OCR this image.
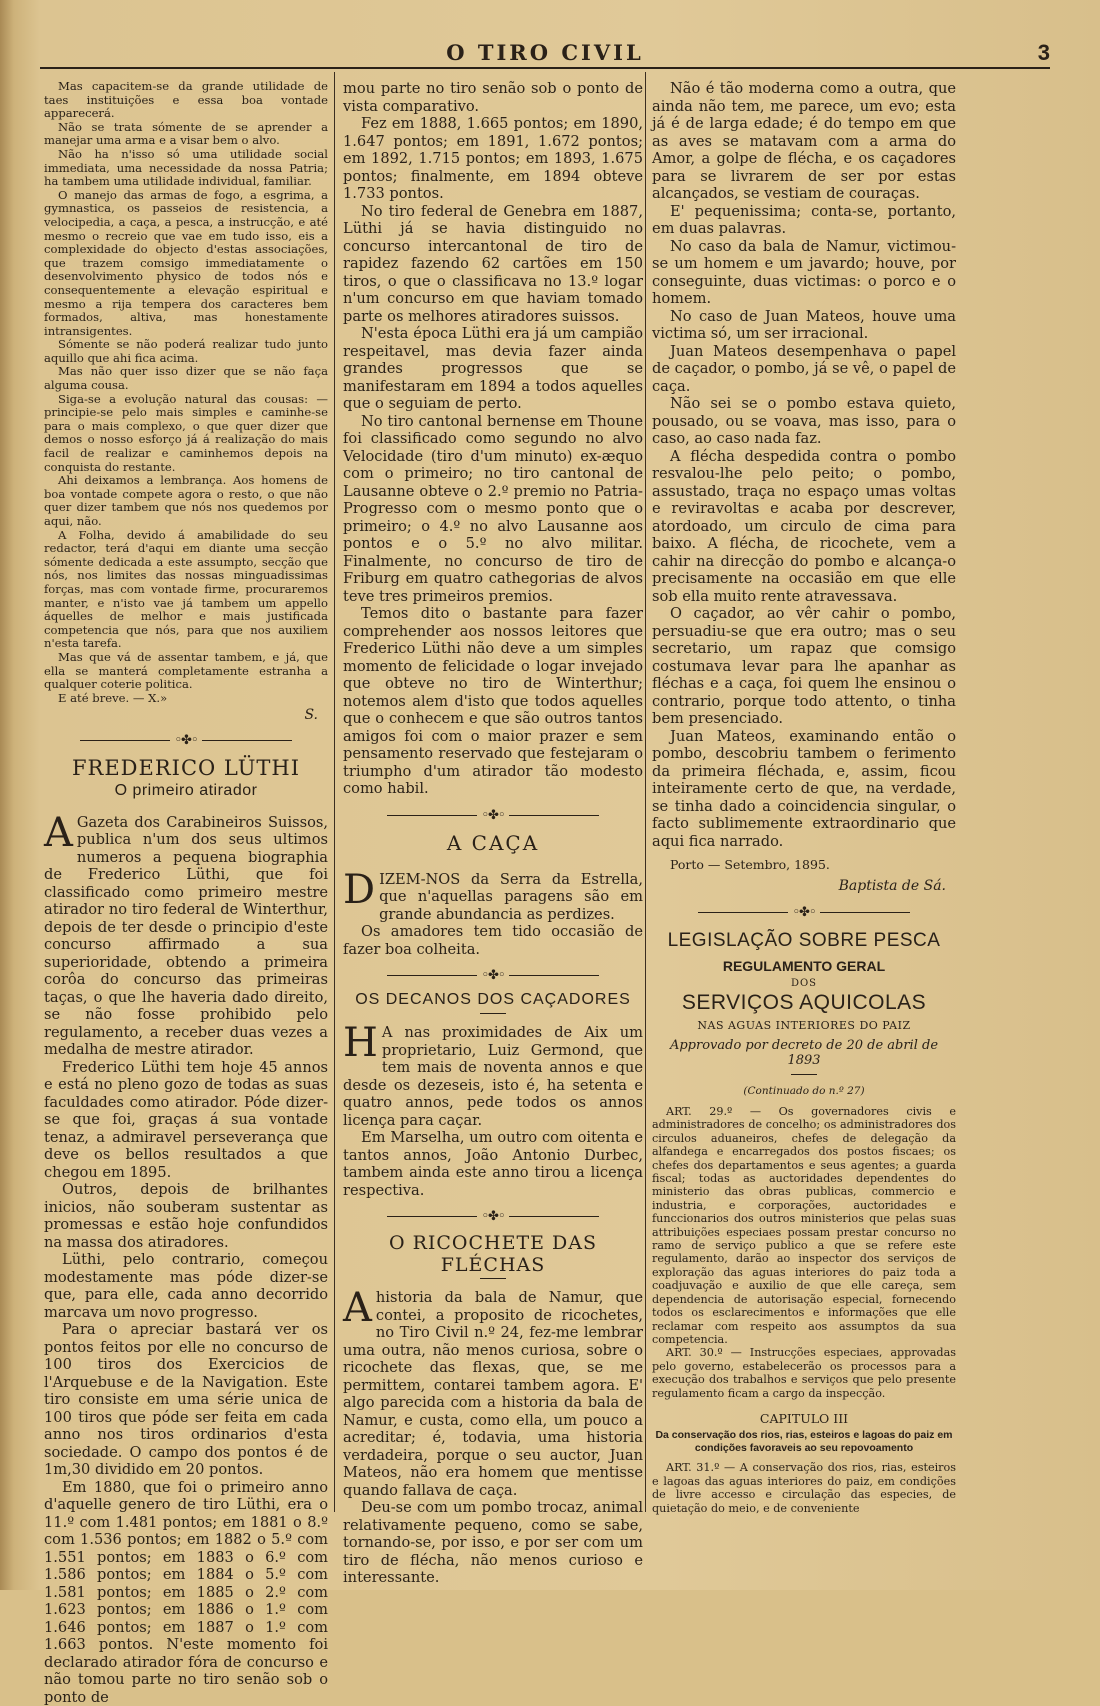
O TIRO CIVIL	3

Mas capacitem-se da grande utilidade de taes instituições e essa boa vontade apparecerá.

Não se trata sómente de se aprender a manejar uma arma e a visar bem o alvo.

Não ha n'isso só uma utilidade social immediata, uma necessidade da nossa Patria; ha tambem uma utilidade individual, familiar.

O manejo das armas de fogo, a esgrima, a gymnastica, os passeios de resistencia, a velocipedia, a caça, a pesca, a instrucção, e até mesmo o recreio que vae em tudo isso, eis a complexidade do objecto d'estas associações, que trazem comsigo immediatamente o desenvolvimento physico de todos nós e consequentemente a elevação espiritual e mesmo a rija tempera dos caracteres bem formados, altiva, mas honestamente intransigentes.

Sómente se não poderá realizar tudo junto aquillo que ahi fica acima.

Mas não quer isso dizer que se não faça alguma cousa.

Siga-se a evolução natural das cousas: — principie-se pelo mais simples e caminhe-se para o mais complexo, o que quer dizer que demos o nosso esforço já á realização do mais facil de realizar e caminhemos depois na conquista do restante.

Ahi deixamos a lembrança. Aos homens de boa vontade compete agora o resto, o que não quer dizer tambem que nós nos quedemos por aqui, não.

A Folha, devido á amabilidade do seu redactor, terá d'aqui em diante uma secção sómente dedicada a este assumpto, secção que nós, nos limites das nossas minguadissimas forças, mas com vontade firme, procuraremos manter, e n'isto vae já tambem um appello áquelles de melhor e mais justificada competencia que nós, para que nos auxiliem n'esta tarefa.

Mas que vá de assentar tambem, e já, que ella se manterá completamente estranha a qualquer coterie politica.

E até breve. — X.»

S.
◦✤◦
FREDERICO LÜTHI
O primeiro atirador

A Gazeta dos Carabineiros Suissos, publica n'um dos seus ultimos numeros a pequena biographia de Frederico Lüthi, que foi classificado como primeiro mestre atirador no tiro federal de Winterthur, depois de ter desde o principio d'este concurso affirmado a sua superioridade, obtendo a primeira corôa do concurso das primeiras taças, o que lhe haveria dado direito, se não fosse prohibido pelo regulamento, a receber duas vezes a medalha de mestre atirador.

Frederico Lüthi tem hoje 45 annos e está no pleno gozo de todas as suas faculdades como atirador. Póde dizer-se que foi, graças á sua vontade tenaz, a admiravel perseverança que deve os bellos resultados a que chegou em 1895.

Outros, depois de brilhantes inicios, não souberam sustentar as promessas e estão hoje confundidos na massa dos atiradores.

Lüthi, pelo contrario, começou modestamente mas póde dizer-se que, para elle, cada anno decorrido marcava um novo progresso.

Para o apreciar bastará ver os pontos feitos por elle no concurso de 100 tiros dos Exercicios de l'Arquebuse e de la Navigation. Este tiro consiste em uma série unica de 100 tiros que póde ser feita em cada anno nos tiros ordinarios d'esta sociedade. O campo dos pontos é de 1m,30 dividido em 20 pontos.

Em 1880, que foi o primeiro anno d'aquelle genero de tiro Lüthi, era o 11.º com 1.481 pontos; em 1881 o 8.º com 1.536 pontos; em 1882 o 5.º com 1.551 pontos; em 1883 o 6.º com 1.586 pontos; em 1884 o 5.º com 1.581 pontos; em 1885 o 2.º com 1.623 pontos; em 1886 o 1.º com 1.646 pontos; em 1887 o 1.º com 1.663 pontos. N'este momento foi declarado atirador fóra de concurso e não tomou parte no tiro senão sob o ponto de

mou parte no tiro senão sob o ponto de vista comparativo.

Fez em 1888, 1.665 pontos; em 1890, 1.647 pontos; em 1891, 1.672 pontos; em 1892, 1.715 pontos; em 1893, 1.675 pontos; finalmente, em 1894 obteve 1.733 pontos.

No tiro federal de Genebra em 1887, Lüthi já se havia distinguido no concurso intercantonal de tiro de rapidez fazendo 62 cartões em 150 tiros, o que o classificava no 13.º logar n'um concurso em que haviam tomado parte os melhores atiradores suissos.

N'esta época Lüthi era já um campião respeitavel, mas devia fazer ainda grandes progressos que se manifestaram em 1894 a todos aquelles que o seguiam de perto.

No tiro cantonal bernense em Thoune foi classificado como segundo no alvo Velocidade (tiro d'um minuto) ex-æquo com o primeiro; no tiro cantonal de Lausanne obteve o 2.º premio no Patria-Progresso com o mesmo ponto que o primeiro; o 4.º no alvo Lausanne aos pontos e o 5.º no alvo militar. Finalmente, no concurso de tiro de Friburg em quatro cathegorias de alvos teve tres primeiros premios.

Temos dito o bastante para fazer comprehender aos nossos leitores que Frederico Lüthi não deve a um simples momento de felicidade o logar invejado que obteve no tiro de Winterthur; notemos alem d'isto que todos aquelles que o conhecem e que são outros tantos amigos foi com o maior prazer e sem pensamento reservado que festejaram o triumpho d'um atirador tão modesto como habil.

◦✤◦
A CAÇA

DIZEM-NOS da Serra da Estrella, que n'aquellas paragens são em grande abundancia as perdizes.

Os amadores tem tido occasião de fazer boa colheita.

◦✤◦
OS DECANOS DOS CAÇADORES

H A nas proximidades de Aix um proprietario, Luiz Germond, que tem mais de noventa annos e que desde os dezeseis, isto é, ha setenta e quatro annos, pede todos os annos licença para caçar.

Em Marselha, um outro com oitenta e tantos annos, João Antonio Durbec, tambem ainda este anno tirou a licença respectiva.

◦✤◦
O RICOCHETE DAS FLÉCHAS

Ahistoria da bala de Namur, que contei, a proposito de ricochetes, no Tiro Civil n.º 24, fez-me lembrar uma outra, não menos curiosa, sobre o ricochete das flexas, que, se me permittem, contarei tambem agora. E' algo parecida com a historia da bala de Namur, e custa, como ella, um pouco a acreditar; é, todavia, uma historia verdadeira, porque o seu auctor, Juan Mateos, não era homem que mentisse quando fallava de caça.

Deu-se com um pombo trocaz, animal relativamente pequeno, como se sabe, tornando-se, por isso, e por ser com um tiro de flécha, não menos curioso e interessante.

Não é tão moderna como a outra, que ainda não tem, me parece, um evo; esta já é de larga edade; é do tempo em que as aves se matavam com a arma do Amor, a golpe de flécha, e os caçadores para se livrarem de ser por estas alcançados, se vestiam de couraças.

E' pequenissima; conta-se, portanto, em duas palavras.

No caso da bala de Namur, victimou-se um homem e um javardo; houve, por conseguinte, duas victimas: o porco e o homem.

No caso de Juan Mateos, houve uma victima só, um ser irracional.

Juan Mateos desempenhava o papel de caçador, o pombo, já se vê, o papel de caça.

Não sei se o pombo estava quieto, pousado, ou se voava, mas isso, para o caso, ao caso nada faz.

A flécha despedida contra o pombo resvalou-lhe pelo peito; o pombo, assustado, traça no espaço umas voltas e reviravoltas e acaba por descrever, atordoado, um circulo de cima para baixo. A flécha, de ricochete, vem a cahir na direcção do pombo e alcança-o precisamente na occasião em que elle sob ella muito rente atravessava.

O caçador, ao vêr cahir o pombo, persuadiu-se que era outro; mas o seu secretario, um rapaz que comsigo costumava levar para lhe apanhar as fléchas e a caça, foi quem lhe ensinou o contrario, porque todo attento, o tinha bem presenciado.

Juan Mateos, examinando então o pombo, descobriu tambem o ferimento da primeira fléchada, e, assim, ficou inteiramente certo de que, na verdade, se tinha dado a coincidencia singular, o facto sublimemente extraordinario que aqui fica narrado.

Porto — Setembro, 1895.

Baptista de Sá.
◦✤◦
LEGISLAÇÃO SOBRE PESCA
REGULAMENTO GERAL
DOS
SERVIÇOS AQUICOLAS
NAS AGUAS INTERIORES DO PAIZ
Approvado por decreto de 20 de abril de 1893
(Continuado do n.º 27)

ART. 29.º — Os governadores civis e administradores de concelho; os administradores dos circulos aduaneiros, chefes de delegação da alfandega e encarregados dos postos fiscaes; os chefes dos departamentos e seus agentes; a guarda fiscal; todas as auctoridades dependentes do ministerio das obras publicas, commercio e industria, e corporações, auctoridades e funccionarios dos outros ministerios que pelas suas attribuições especiaes possam prestar concurso no ramo de serviço publico a que se refere este regulamento, darão ao inspector dos serviços de exploração das aguas interiores do paiz toda a coadjuvação e auxilio de que elle careça, sem dependencia de autorisação especial, fornecendo todos os esclarecimentos e informações que elle reclamar com respeito aos assumptos da sua competencia.

ART. 30.º — Instrucções especiaes, approvadas pelo governo, estabelecerão os processos para a execução dos trabalhos e serviços que pelo presente regulamento ficam a cargo da inspecção.

CAPITULO III
Da conservação dos rios, rias, esteiros e lagoas do paiz em condições favoraveis ao seu repovoamento

ART. 31.º — A conservação dos rios, rias, esteiros e lagoas das aguas interiores do paiz, em condições de livre accesso e circulação das especies, de quietação do meio, e de conveniente
